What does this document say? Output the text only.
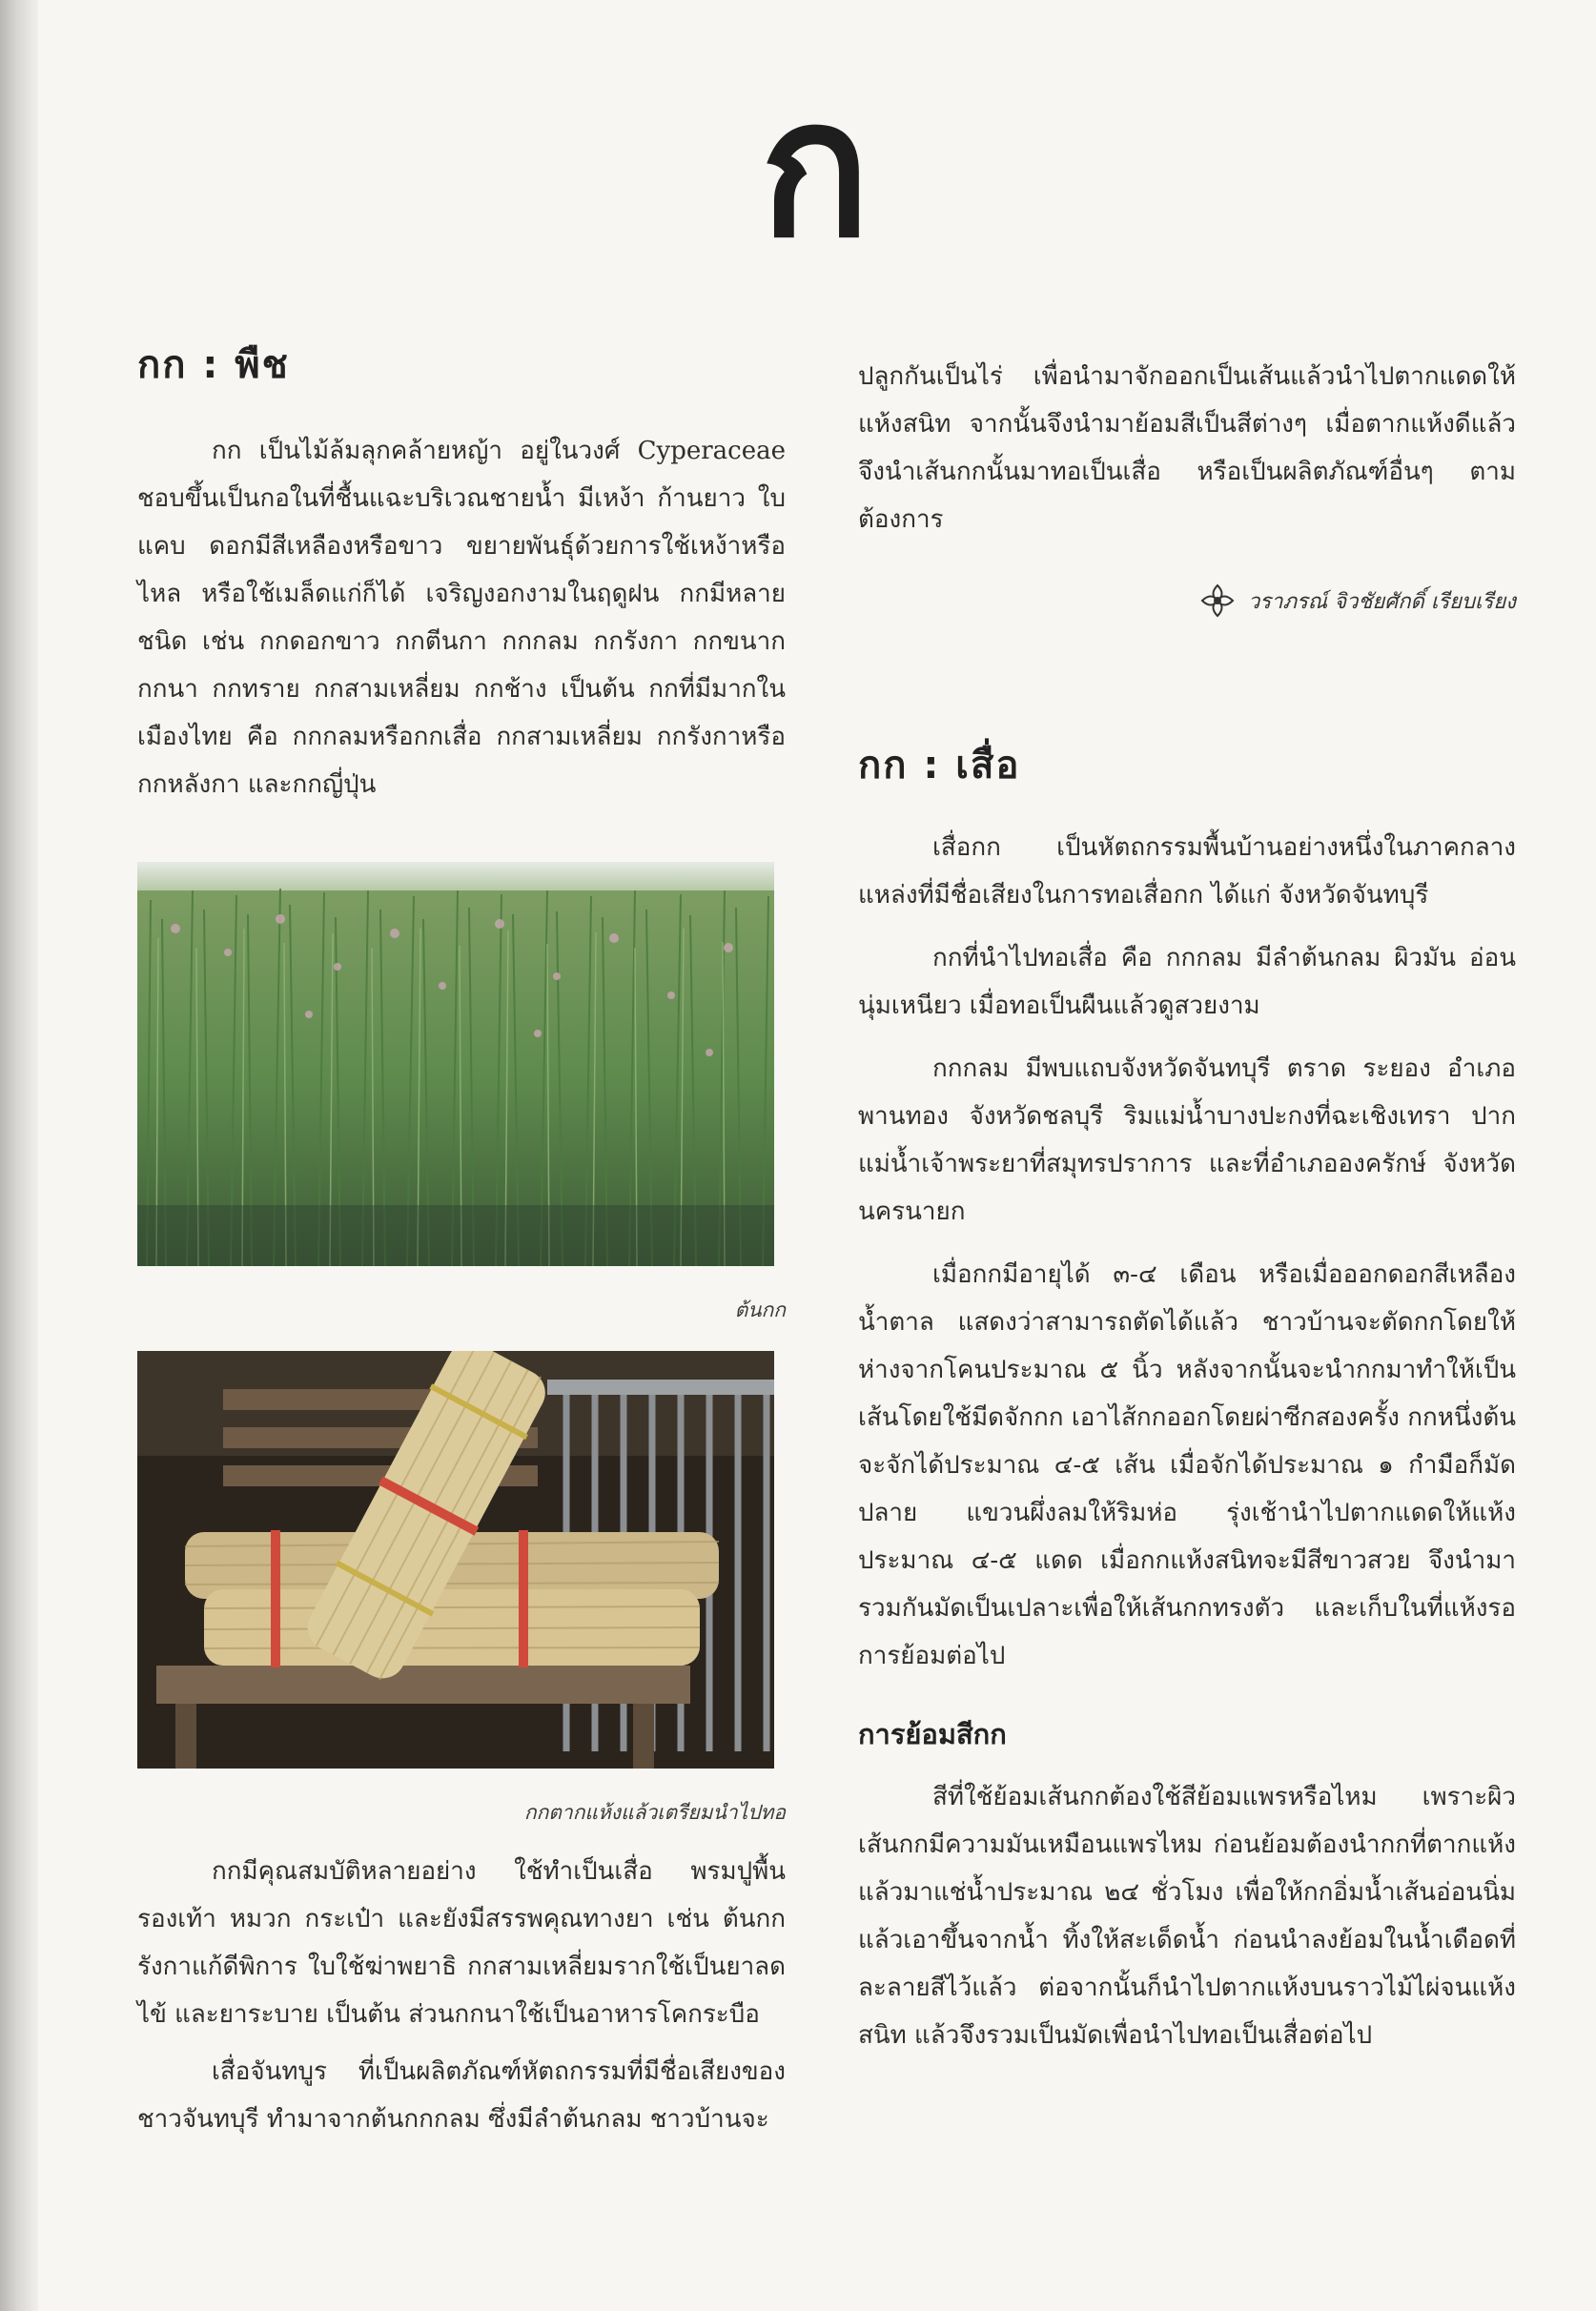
ก
กก : พืช

กก เป็นไม้ล้มลุกคล้ายหญ้า อยู่ในวงศ์ Cyperaceae ชอบขึ้นเป็นกอในที่ชื้นแฉะบริเวณชายน้ำ มีเหง้า ก้านยาว ใบแคบ ดอกมีสีเหลืองหรือขาว ขยายพันธุ์ด้วยการใช้เหง้าหรือไหล หรือใช้เมล็ดแก่ก็ได้ เจริญงอกงามในฤดูฝน กกมีหลายชนิด เช่น กกดอกขาว กกตีนกา กกกลม กกรังกา กกขนาก กกนา กกทราย กกสามเหลี่ยม กกช้าง เป็นต้น กกที่มีมากในเมืองไทย คือ กกกลมหรือกกเสื่อ กกสามเหลี่ยม กกรังกาหรือกกหลังกา และกกญี่ปุ่น

ต้นกก
กกตากแห้งแล้วเตรียมนำไปทอ

กกมีคุณสมบัติหลายอย่าง ใช้ทำเป็นเสื่อ พรมปูพื้น รองเท้า หมวก กระเป๋า และยังมีสรรพคุณทางยา เช่น ต้นกกรังกาแก้ดีพิการ ใบใช้ฆ่าพยาธิ กกสามเหลี่ยมรากใช้เป็นยาลดไข้ และยาระบาย เป็นต้น ส่วนกกนาใช้เป็นอาหารโคกระบือ

เสื่อจันทบูร ที่เป็นผลิตภัณฑ์หัตถกรรมที่มีชื่อเสียงของชาวจันทบุรี ทำมาจากต้นกกกลม ซึ่งมีลำต้นกลม ชาวบ้านจะ

ปลูกกันเป็นไร่ เพื่อนำมาจักออกเป็นเส้นแล้วนำไปตากแดดให้แห้งสนิท จากนั้นจึงนำมาย้อมสีเป็นสีต่างๆ เมื่อตากแห้งดีแล้วจึงนำเส้นกกนั้นมาทอเป็นเสื่อ หรือเป็นผลิตภัณฑ์อื่นๆ ตามต้องการ

วราภรณ์ จิวชัยศักดิ์ เรียบเรียง
กก : เสื่อ

เสื่อกก เป็นหัตถกรรมพื้นบ้านอย่างหนึ่งในภาคกลาง แหล่งที่มีชื่อเสียงในการทอเสื่อกก ได้แก่ จังหวัดจันทบุรี

กกที่นำไปทอเสื่อ คือ กกกลม มีลำต้นกลม ผิวมัน อ่อนนุ่มเหนียว เมื่อทอเป็นผืนแล้วดูสวยงาม

กกกลม มีพบแถบจังหวัดจันทบุรี ตราด ระยอง อำเภอพานทอง จังหวัดชลบุรี ริมแม่น้ำบางปะกงที่ฉะเชิงเทรา ปากแม่น้ำเจ้าพระยาที่สมุทรปราการ และที่อำเภอองครักษ์ จังหวัดนครนายก

เมื่อกกมีอายุได้ ๓-๔ เดือน หรือเมื่อออกดอกสีเหลืองน้ำตาล แสดงว่าสามารถตัดได้แล้ว ชาวบ้านจะตัดกกโดยให้ห่างจากโคนประมาณ ๕ นิ้ว หลังจากนั้นจะนำกกมาทำให้เป็นเส้นโดยใช้มีดจักกก เอาไส้กกออกโดยผ่าซีกสองครั้ง กกหนึ่งต้นจะจักได้ประมาณ ๔-๕ เส้น เมื่อจักได้ประมาณ ๑ กำมือก็มัดปลาย แขวนผึ่งลมให้ริมห่อ รุ่งเช้านำไปตากแดดให้แห้งประมาณ ๔-๕ แดด เมื่อกกแห้งสนิทจะมีสีขาวสวย จึงนำมารวมกันมัดเป็นเปลาะเพื่อให้เส้นกกทรงตัว และเก็บในที่แห้งรอการย้อมต่อไป

การย้อมสีกก

สีที่ใช้ย้อมเส้นกกต้องใช้สีย้อมแพรหรือไหม เพราะผิวเส้นกกมีความมันเหมือนแพรไหม ก่อนย้อมต้องนำกกที่ตากแห้งแล้วมาแช่น้ำประมาณ ๒๔ ชั่วโมง เพื่อให้กกอิ่มน้ำเส้นอ่อนนิ่มแล้วเอาขึ้นจากน้ำ ทิ้งให้สะเด็ดน้ำ ก่อนนำลงย้อมในน้ำเดือดที่ละลายสีไว้แล้ว ต่อจากนั้นก็นำไปตากแห้งบนราวไม้ไผ่จนแห้งสนิท แล้วจึงรวมเป็นมัดเพื่อนำไปทอเป็นเสื่อต่อไป
